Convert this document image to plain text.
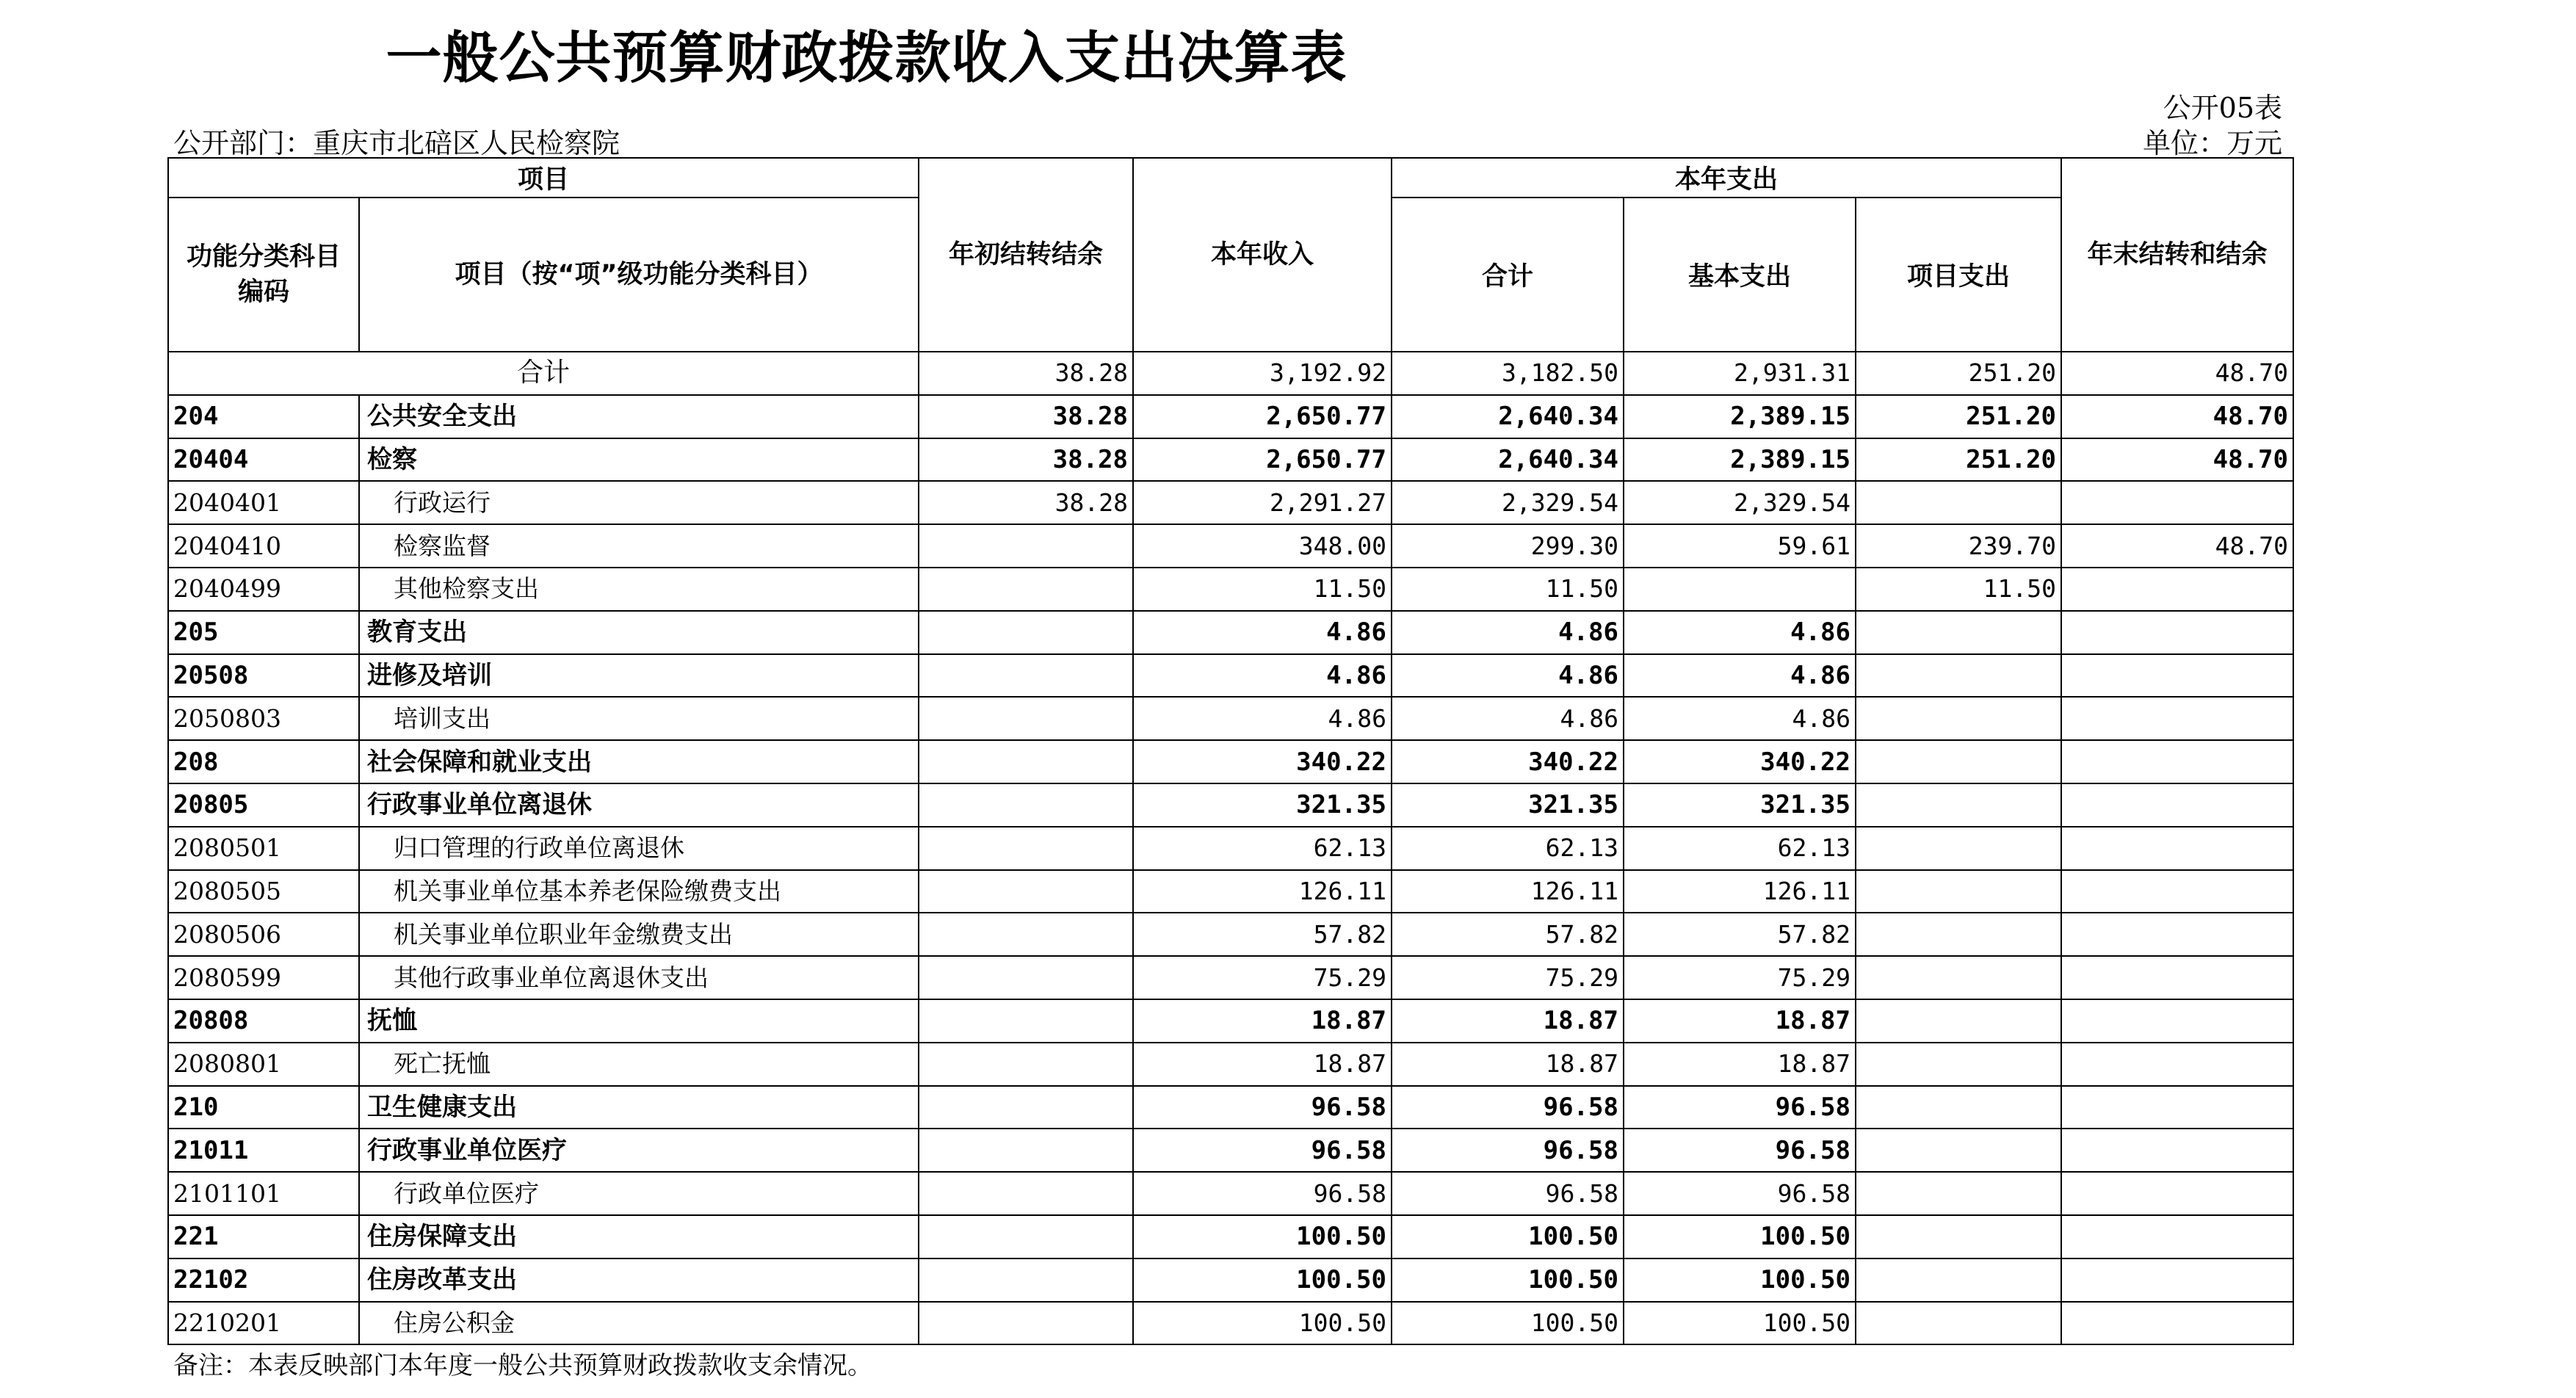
一般公共预算财政拨款收入支出决算表
公开05表
公开部门：重庆市北碚区人民检察院	单位：万元
项目		年初结转结余	本年收入	本年支出			年末结转和结余
功能分类科目编码	项目（按“项”级功能分类科目）			合计	基本支出	项目支出	
合计		38.28	3,192.92	3,182.50	2,931.31	251.20	48.70
204	公共安全支出	38.28	2,650.77	2,640.34	2,389.15	251.20	48.70
20404	检察	38.28	2,650.77	2,640.34	2,389.15	251.20	48.70
2040401	行政运行	38.28	2,291.27	2,329.54	2,329.54		
2040410	检察监督		348.00	299.30	59.61	239.70	48.70
2040499	其他检察支出		11.50	11.50		11.50	
205	教育支出		4.86	4.86	4.86		
20508	进修及培训		4.86	4.86	4.86		
2050803	培训支出		4.86	4.86	4.86		
208	社会保障和就业支出		340.22	340.22	340.22		
20805	行政事业单位离退休		321.35	321.35	321.35		
2080501	归口管理的行政单位离退休		62.13	62.13	62.13		
2080505	机关事业单位基本养老保险缴费支出		126.11	126.11	126.11		
2080506	机关事业单位职业年金缴费支出		57.82	57.82	57.82		
2080599	其他行政事业单位离退休支出		75.29	75.29	75.29		
20808	抚恤		18.87	18.87	18.87		
2080801	死亡抚恤		18.87	18.87	18.87		
210	卫生健康支出		96.58	96.58	96.58		
21011	行政事业单位医疗		96.58	96.58	96.58		
2101101	行政单位医疗		96.58	96.58	96.58		
221	住房保障支出		100.50	100.50	100.50		
22102	住房改革支出		100.50	100.50	100.50		
2210201	住房公积金		100.50	100.50	100.50		
备注：本表反映部门本年度一般公共预算财政拨款收支余情况。
